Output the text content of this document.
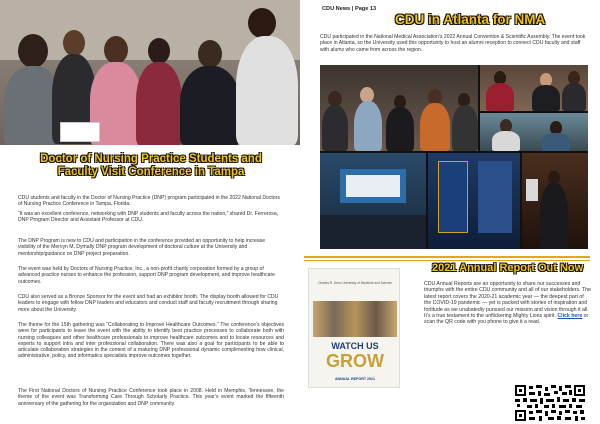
Doctor of Nursing Practice Students and
Faculty Visit Conference in Tampa
CDU students and faculty in the Doctor of Nursing Practice (DNP) program participated in the 2022 National Doctors of Nursing Practice Conference in Tampa, Florida.
“It was an excellent conference, networking with DNP students and faculty across the nation,” shared Dr. Ferrerosa, DNP Program Director and Assistant Professor at CDU.
The DNP Program is new to CDU and participation in the conference provided an opportunity to help increase visibility of the Mervyn M. Dymally DNP program development of doctoral culture at the University and mentorship/guidance on DNP project preparation.
The event was held by Doctors of Nursing Practice, Inc., a non-profit charity corporation formed by a group of advanced practice nurses to enhance the profession, support DNP program development, and improve healthcare outcomes.
CDU also served as a Bronze Sponsor for the event and had an exhibitor booth. The display booth allowed for CDU leaders to engage with fellow DNP leaders and educators and conduct staff and faculty recruitment through sharing more about the University.
The theme for the 15th gathering was “Collaborating to Improve Healthcare Outcomes.” The conference’s objectives were for participants to leave the event with the ability to identify best practice processes to collaborate both with nursing colleagues and other healthcare professionals to improve healthcare outcomes and to locate resources and experts to support intra and inter professional collaboration. There was also a goal for participants to be able to articulate collaboration strategies in the context of a maturing DNP professional dynamic complimenting how clinical, administrative, policy, and informatics specialists improve outcomes together.
The First National Doctors of Nursing Practice Conference took place in 2008. Held in Memphis, Tennessee, the theme of the event was Transforming Care Through Scholarly Practice. This year’s event marked the fifteenth anniversary of the gathering for the organization and DNP community.
CDU News | Page 13
CDU in Atlanta for NMA
CDU participated in the National Medical Association’s 2022 Annual Convention & Scientific Assembly. The event took place in Atlanta, so the University used this opportunity to host an alumni reception to connect CDU faculty and staff with alums who came from across the region.
2021 Annual Report Out Now
Charles R. Drew University of Medicine and Science
WATCH US
GROW
ANNUAL REPORT 2021
CDU Annual Reports are an opportunity to share our successes and triumphs with the entire CDU community and all of our stakeholders. The latest report covers the 2020-21 academic year — the deepest part of the COVID-19 pandemic — yet is packed with stories of inspiration and fortitude as we unabatedly pursued our mission and vision through it all. It’s a true testament to the unflickering Mighty Lions spirit. Click here or scan the QR code with you phone to give it a read.
